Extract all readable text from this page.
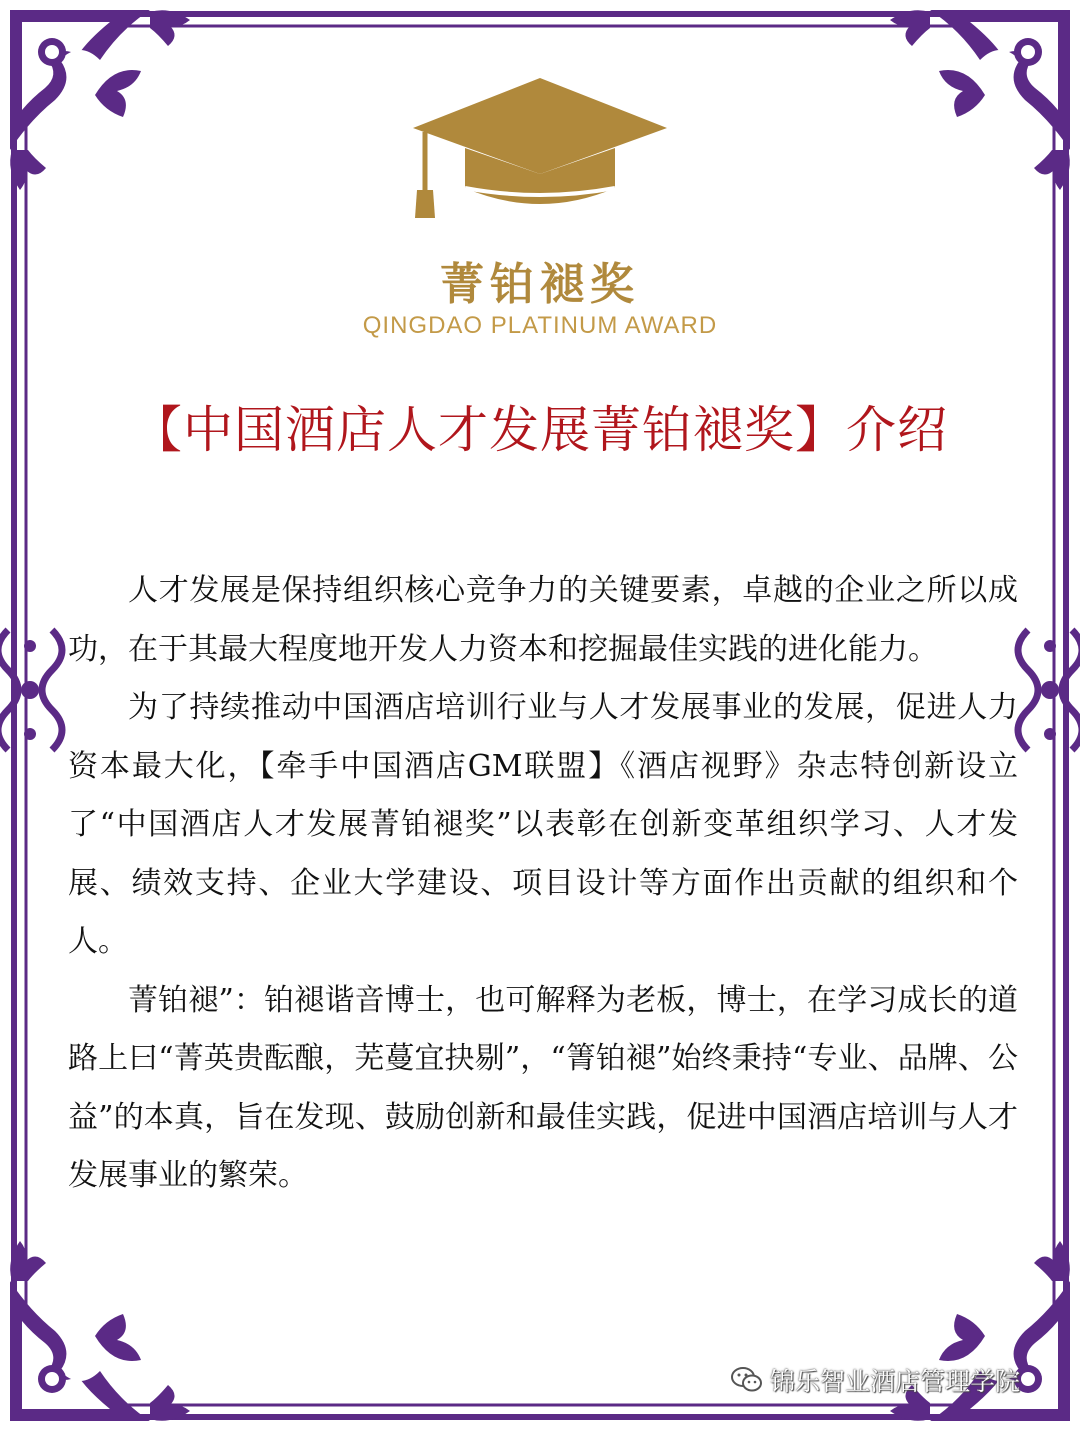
菁铂褪奖
QINGDAO PLATINUM AWARD
【中国酒店人才发展菁铂褪奖】介绍

人才发展是保持组织核心竞争力的关键要素，卓越的企业之所以成功，在于其最大程度地开发人力资本和挖掘最佳实践的进化能力。

为了持续推动中国酒店培训行业与人才发展事业的发展，促进人力资本最大化，【牵手中国酒店GM联盟】《酒店视野》杂志特创新设立了“中国酒店人才发展菁铂褪奖”以表彰在创新变革组织学习、人才发展、绩效支持、企业大学建设、项目设计等方面作出贡献的组织和个人。

菁铂褪”：铂褪谐音博士，也可解释为老板，博士，在学习成长的道路上曰“菁英贵酝酿，芜蔓宜抉剔”，“箐铂褪”始终秉持“专业、品牌、公益”的本真，旨在发现、鼓励创新和最佳实践，促进中国酒店培训与人才发展事业的繁荣。

锦乐智业酒店管理学院
